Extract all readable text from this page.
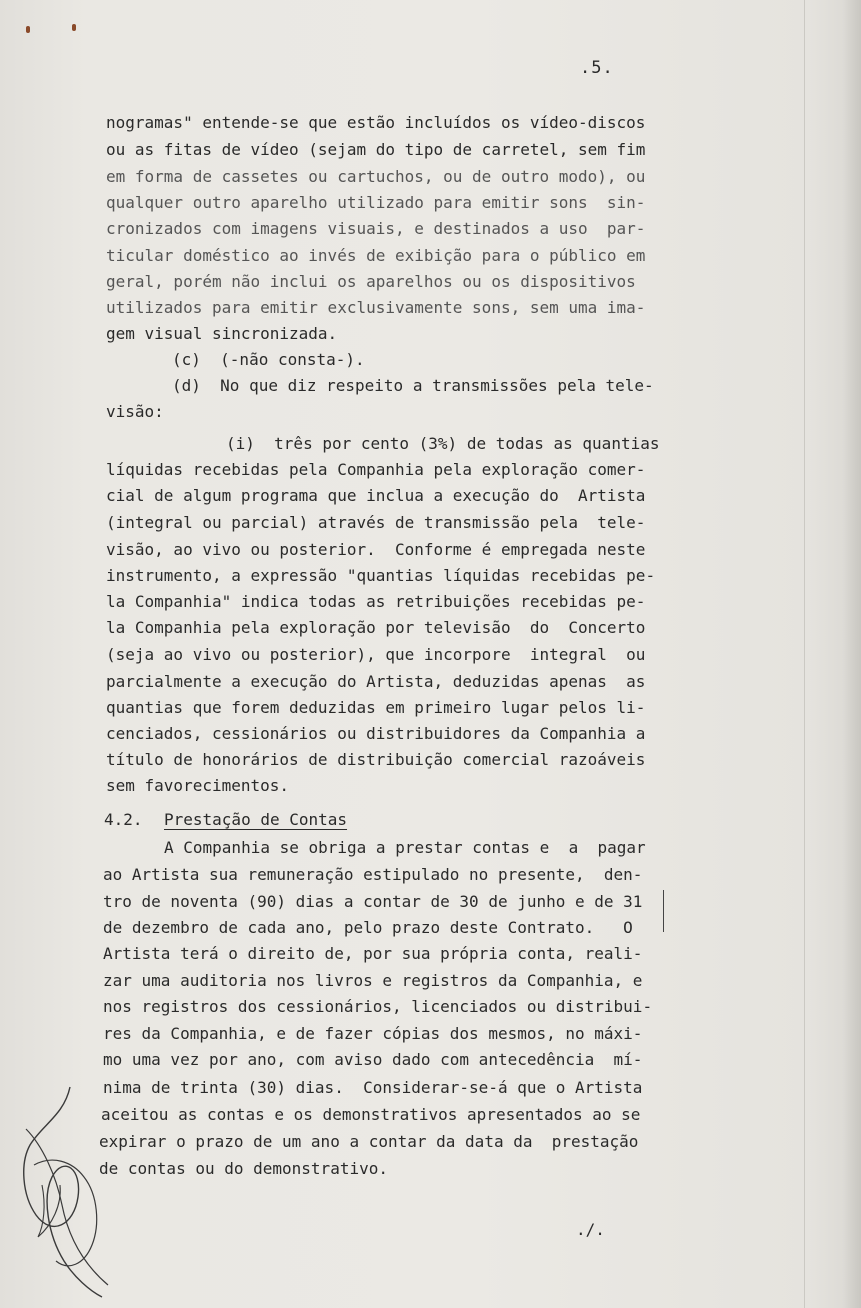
.5.
nogramas" entende-se que estão incluídos os vídeo-discos
ou as fitas de vídeo (sejam do tipo de carretel, sem fim
em forma de cassetes ou cartuchos, ou de outro modo), ou
qualquer outro aparelho utilizado para emitir sons  sin-
cronizados com imagens visuais, e destinados a uso  par-
ticular doméstico ao invés de exibição para o público em
geral, porém não inclui os aparelhos ou os dispositivos
utilizados para emitir exclusivamente sons, sem uma ima-
gem visual sincronizada.
(c)  (-não consta-).
(d)  No que diz respeito a transmissões pela tele-
visão:
(i)  três por cento (3%) de todas as quantias
líquidas recebidas pela Companhia pela exploração comer-
cial de algum programa que inclua a execução do  Artista
(integral ou parcial) através de transmissão pela  tele-
visão, ao vivo ou posterior.  Conforme é empregada neste
instrumento, a expressão "quantias líquidas recebidas pe-
la Companhia" indica todas as retribuições recebidas pe-
la Companhia pela exploração por televisão  do  Concerto
(seja ao vivo ou posterior), que incorpore  integral  ou
parcialmente a execução do Artista, deduzidas apenas  as
quantias que forem deduzidas em primeiro lugar pelos li-
cenciados, cessionários ou distribuidores da Companhia a
título de honorários de distribuição comercial razoáveis
sem favorecimentos.
4.2. Prestação de Contas
A Companhia se obriga a prestar contas e  a  pagar
ao Artista sua remuneração estipulado no presente,  den-
tro de noventa (90) dias a contar de 30 de junho e de 31
de dezembro de cada ano, pelo prazo deste Contrato.   O
Artista terá o direito de, por sua própria conta, reali-
zar uma auditoria nos livros e registros da Companhia, e
nos registros dos cessionários, licenciados ou distribui-
res da Companhia, e de fazer cópias dos mesmos, no máxi-
mo uma vez por ano, com aviso dado com antecedência  mí-
nima de trinta (30) dias.  Considerar-se-á que o Artista
aceitou as contas e os demonstrativos apresentados ao se
expirar o prazo de um ano a contar da data da  prestação
de contas ou do demonstrativo.
./.
